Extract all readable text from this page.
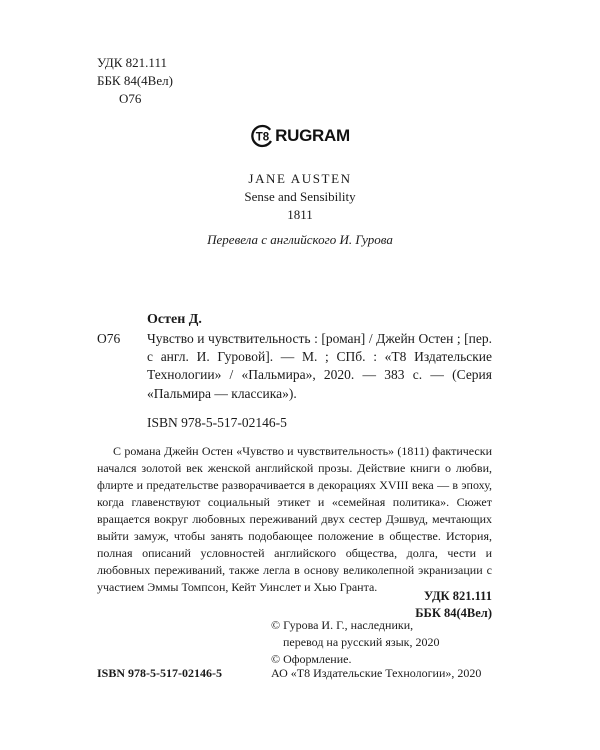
УДК 821.111
ББК 84(4Вел)
О76
T8 RUGRAM
JANE AUSTEN
Sense and Sensibility
1811
Перевела с английского И. Гурова
Остен Д.
О76 Чувство и чувствительность : [роман] / Джейн Остен ; [пер. с англ. И. Гуровой]. — М. ; СПб. : «Т8 Издательские Технологии» / «Пальмира», 2020. — 383 с. — (Серия «Пальмира — классика»).
ISBN 978-5-517-02146-5

С романа Джейн Остен «Чувство и чувствительность» (1811) фактически начался золотой век женской английской прозы. Действие книги о любви, флирте и предательстве разворачивается в декорациях XVIII века — в эпоху, когда главенствуют социальный этикет и «семейная политика». Сюжет вращается вокруг любовных переживаний двух сестер Дэшвуд, мечтающих выйти замуж, чтобы занять подобающее положение в обществе. История, полная описаний условностей английского общества, долга, чести и любовных переживаний, также легла в основу великолепной экранизации с участием Эммы Томпсон, Кейт Уинслет и Хью Гранта.

УДК 821.111
ББК 84(4Вел)
© Гурова И. Г., наследники,
перевод на русский язык, 2020
© Оформление.
ISBN 978-5-517-02146-5	АО «Т8 Издательские Технологии», 2020
